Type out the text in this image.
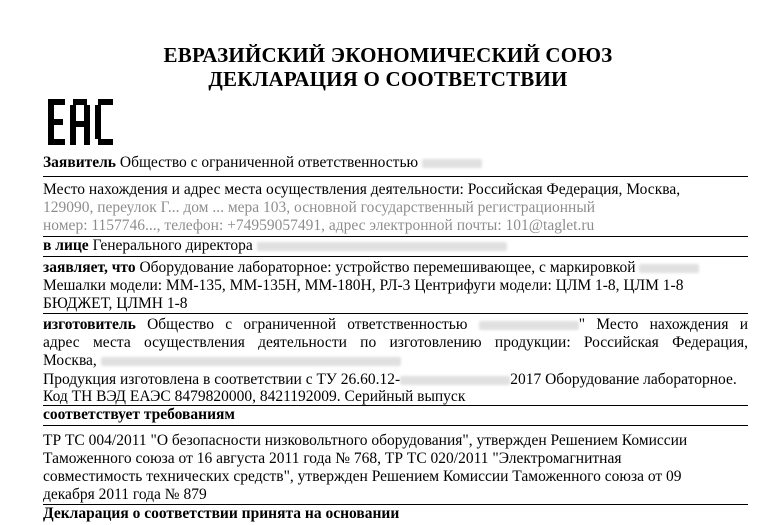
ЕВРАЗИЙСКИЙ ЭКОНОМИЧЕСКИЙ СОЮЗ
ДЕКЛАРАЦИЯ О СООТВЕТСТВИИ
Заявитель Общество с ограниченной ответственностью
Место нахождения и адрес места осуществления деятельности: Российская Федерация, Москва,
129090, переулок Г... дом ... мера 103, основной государственный регистрационный
номер: 1157746..., телефон: +74959057491, адрес электронной почты: 101@taglet.ru
в лице Генерального директора
заявляет, что Оборудование лабораторное: устройство перемешивающее, с маркировкой
Мешалки модели: ММ-135, ММ-135Н, ММ-180Н, РЛ-3 Центрифуги модели: ЦЛМ 1-8, ЦЛМ 1-8
БЮДЖЕТ, ЦЛМН 1-8
изготовитель Общество с ограниченной ответственностью	" Место нахождения и
адрес места осуществления деятельности по изготовлению продукции: Российская Федерация,
Москва,
Продукция изготовлена в соответствии с ТУ 26.60.12-	2017 Оборудование лабораторное.
Код ТН ВЭД ЕАЭС 8479820000, 8421192009. Серийный выпуск
соответствует требованиям
ТР ТС 004/2011 "О безопасности низковольтного оборудования", утвержден Решением Комиссии
Таможенного союза от 16 августа 2011 года № 768, ТР ТС 020/2011 "Электромагнитная
совместимость технических средств", утвержден Решением Комиссии Таможенного союза от 09
декабря 2011 года № 879
Декларация о соответствии принята на основании
